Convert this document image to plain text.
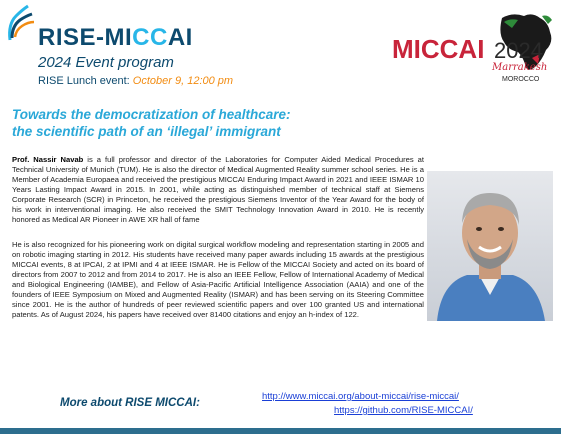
RISE-MICCAI
2024 Event program
RISE Lunch event: October 9, 12:00 pm
MICCAI 2024
Marrakesh
MOROCCO
Towards the democratization of healthcare:
the scientific path of an ‘illegal’ immigrant
Prof. Nassir Navab is a full professor and director of the Laboratories for Computer Aided Medical Procedures at Technical University of Munich (TUM). He is also the director of Medical Augmented Reality summer school series. He is a Member of Academia Europaea and received the prestigious MICCAI Enduring Impact Award in 2021 and IEEE ISMAR 10 Years Lasting Impact Award in 2015. In 2001, while acting as distinguished member of technical staff at Siemens Corporate Research (SCR) in Princeton, he received the prestigious Siemens Inventor of the Year Award for the body of his work in interventional imaging. He also received the SMIT Technology Innovation Award in 2010. He is recently honored as Medical AR Pioneer in AWE XR hall of fame
He is also recognized for his pioneering work on digital surgical workflow modeling and representation starting in 2005 and on robotic imaging starting in 2012. His students have received many paper awards including 15 awards at the prestigious MICCAI events, 8 at IPCAI, 2 at IPMI and 4 at IEEE ISMAR. He is Fellow of the MICCAI Society and acted on its board of directors from 2007 to 2012 and from 2014 to 2017. He is also an IEEE Fellow, Fellow of International Academy of Medical and Biological Engineering (IAMBE), and Fellow of Asia-Pacific Artificial Intelligence Association (AAIA) and one of the founders of IEEE Symposium on Mixed and Augmented Reality (ISMAR) and has been serving on its Steering Committee since 2001. He is the author of hundreds of peer reviewed scientific papers and over 100 granted US and international patents. As of August 2024, his papers have received over 81400 citations and enjoy an h-index of 122.
More about RISE MICCAI:
http://www.miccai.org/about-miccai/rise-miccai/
https://github.com/RISE-MICCAI/
